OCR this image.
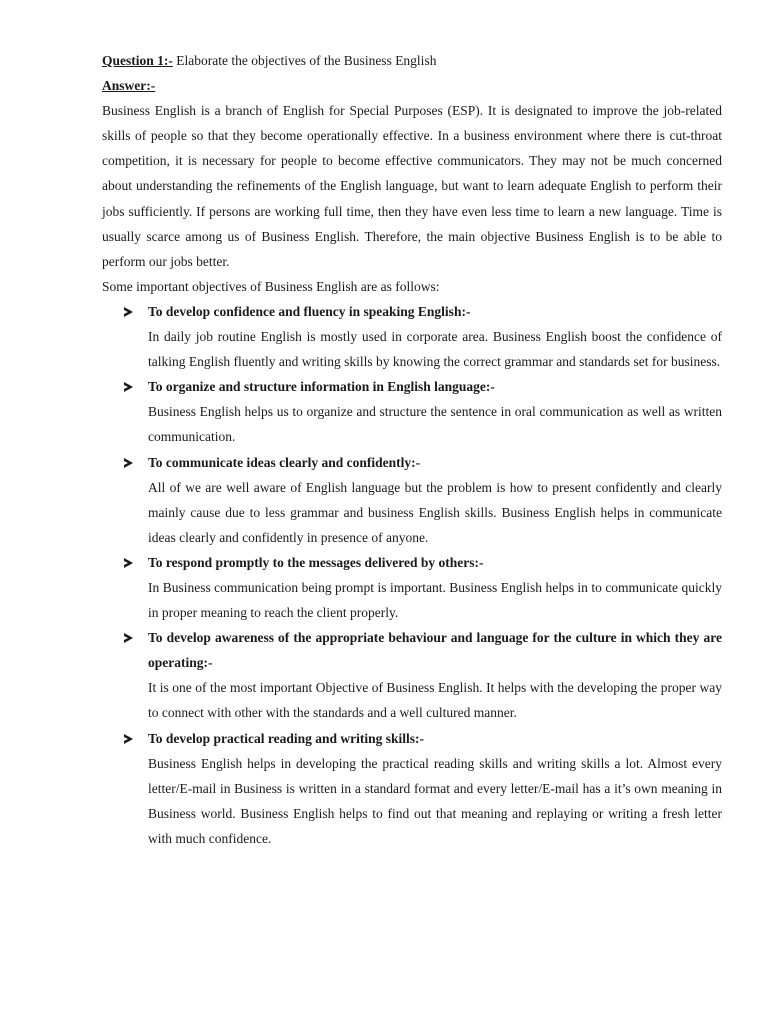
Question 1:- Elaborate the objectives of the Business English
Answer:-

Business English is a branch of English for Special Purposes (ESP). It is designated to improve the job-related skills of people so that they become operationally effective. In a business environment where there is cut-throat competition, it is necessary for people to become effective communicators. They may not be much concerned about understanding the refinements of the English language, but want to learn adequate English to perform their jobs sufficiently. If persons are working full time, then they have even less time to learn a new language. Time is usually scarce among us of Business English. Therefore, the main objective Business English is to be able to perform our jobs better.

Some important objectives of Business English are as follows:

To develop confidence and fluency in speaking English:-
In daily job routine English is mostly used in corporate area. Business English boost the confidence of talking English fluently and writing skills by knowing the correct grammar and standards set for business.
To organize and structure information in English language:-
Business English helps us to organize and structure the sentence in oral communication as well as written communication.
To communicate ideas clearly and confidently:-
All of we are well aware of English language but the problem is how to present confidently and clearly mainly cause due to less grammar and business English skills. Business English helps in communicate ideas clearly and confidently in presence of anyone.
To respond promptly to the messages delivered by others:-
In Business communication being prompt is important. Business English helps in to communicate quickly in proper meaning to reach the client properly.
To develop awareness of the appropriate behaviour and language for the culture in which they are operating:-
It is one of the most important Objective of Business English. It helps with the developing the proper way to connect with other with the standards and a well cultured manner.
To develop practical reading and writing skills:-
Business English helps in developing the practical reading skills and writing skills a lot. Almost every letter/E-mail in Business is written in a standard format and every letter/E-mail has a it’s own meaning in Business world. Business English helps to find out that meaning and replaying or writing a fresh letter with much confidence.
